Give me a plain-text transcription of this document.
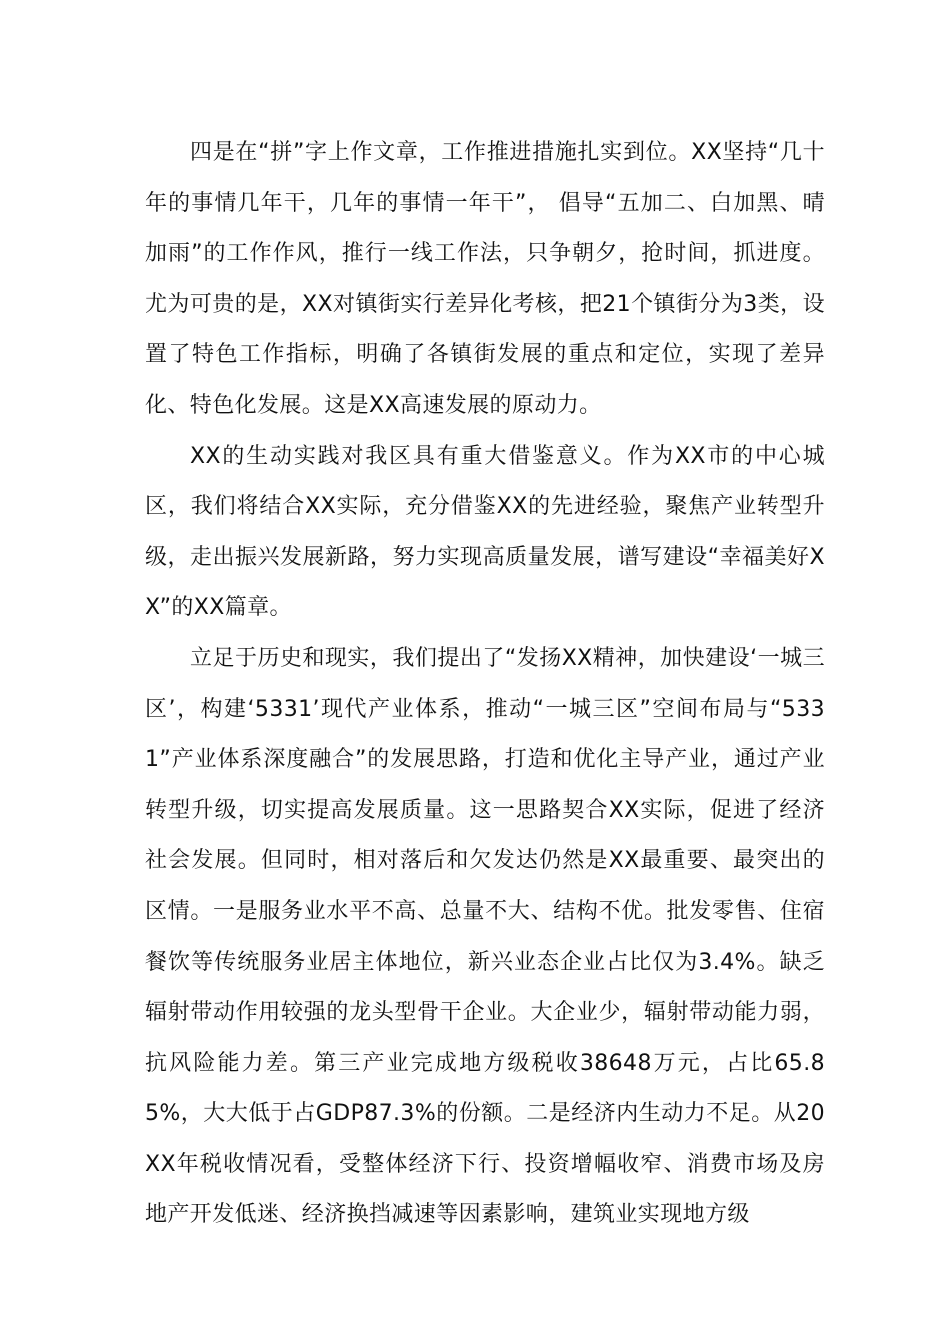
四是在“拼”字上作文章，工作推进措施扎实到位。XX坚持“几十年的事情几年干，几年的事情一年干”， 倡导“五加二、白加黑、晴加雨”的工作作风，推行一线工作法，只争朝夕，抢时间，抓进度。尤为可贵的是，XX对镇街实行差异化考核，把21个镇街分为3类，设置了特色工作指标，明确了各镇街发展的重点和定位，实现了差异化、特色化发展。这是XX高速发展的原动力。

XX的生动实践对我区具有重大借鉴意义。作为XX市的中心城区，我们将结合XX实际，充分借鉴XX的先进经验，聚焦产业转型升级，走出振兴发展新路，努力实现高质量发展，谱写建设“幸福美好XX”的XX篇章。

立足于历史和现实，我们提出了“发扬XX精神，加快建设‘一城三区’，构建‘5331’现代产业体系，推动“一城三区”空间布局与“5331”产业体系深度融合”的发展思路，打造和优化主导产业，通过产业转型升级，切实提高发展质量。这一思路契合XX实际，促进了经济社会发展。但同时，相对落后和欠发达仍然是XX最重要、最突出的区情。一是服务业水平不高、总量不大、结构不优。批发零售、住宿餐饮等传统服务业居主体地位，新兴业态企业占比仅为3.4%。缺乏辐射带动作用较强的龙头型骨干企业。大企业少，辐射带动能力弱，抗风险能力差。第三产业完成地方级税收38648万元，占比65.85%，大大低于占GDP87.3%的份额。二是经济内生动力不足。从20XX年税收情况看，受整体经济下行、投资增幅收窄、消费市场及房地产开发低迷、经济换挡减速等因素影响，建筑业实现地方级
